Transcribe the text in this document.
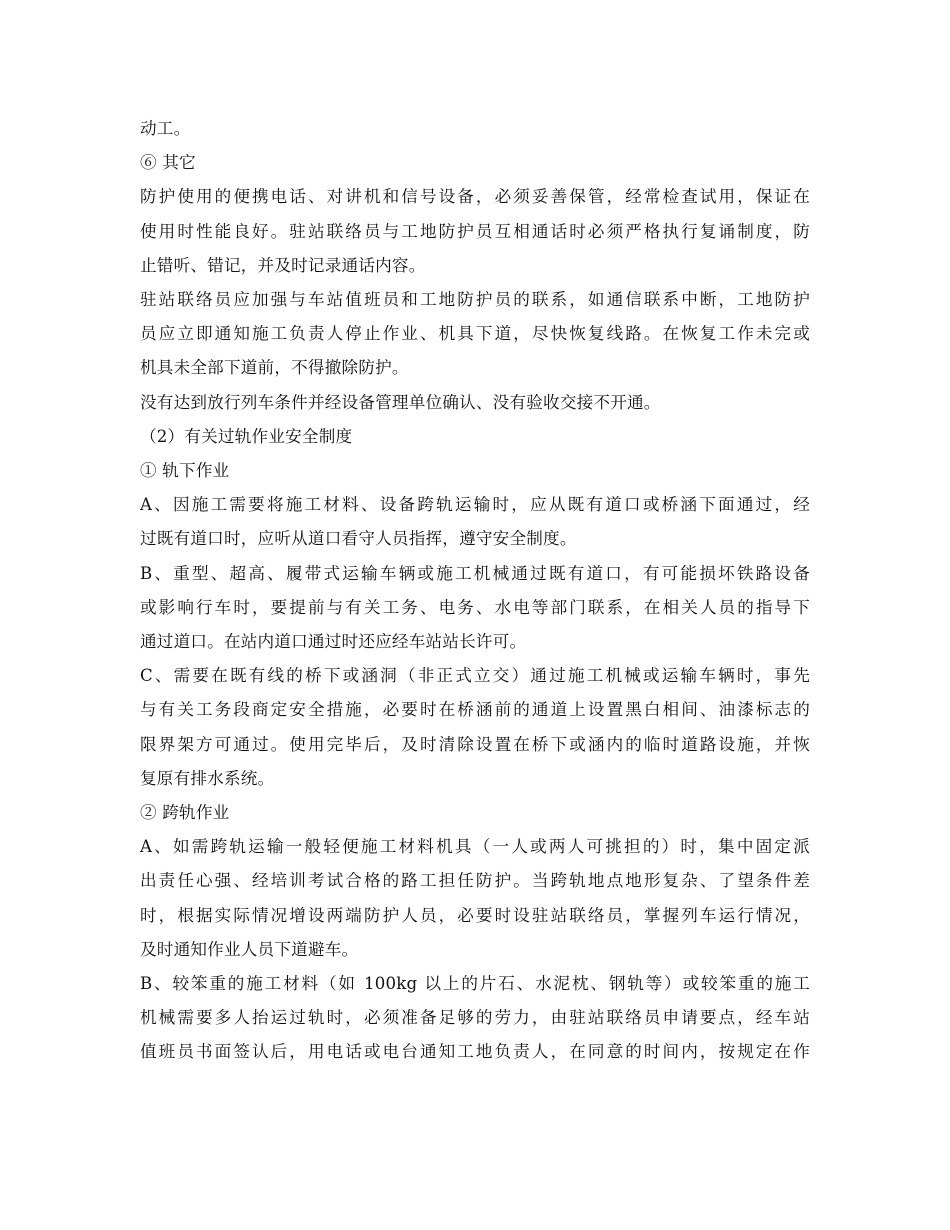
动工。
⑥ 其它
防护使用的便携电话、对讲机和信号设备，必须妥善保管，经常检查试用，保证在
使用时性能良好。驻站联络员与工地防护员互相通话时必须严格执行复诵制度，防
止错听、错记，并及时记录通话内容。
驻站联络员应加强与车站值班员和工地防护员的联系，如通信联系中断，工地防护
员应立即通知施工负责人停止作业、机具下道，尽快恢复线路。在恢复工作未完或
机具未全部下道前，不得撤除防护。
没有达到放行列车条件并经设备管理单位确认、没有验收交接不开通。
（2）有关过轨作业安全制度
① 轨下作业
A、因施工需要将施工材料、设备跨轨运输时，应从既有道口或桥涵下面通过，经
过既有道口时，应听从道口看守人员指挥，遵守安全制度。
B、重型、超高、履带式运输车辆或施工机械通过既有道口，有可能损坏铁路设备
或影响行车时，要提前与有关工务、电务、水电等部门联系，在相关人员的指导下
通过道口。在站内道口通过时还应经车站站长许可。
C、需要在既有线的桥下或涵洞（非正式立交）通过施工机械或运输车辆时，事先
与有关工务段商定安全措施，必要时在桥涵前的通道上设置黑白相间、油漆标志的
限界架方可通过。使用完毕后，及时清除设置在桥下或涵内的临时道路设施，并恢
复原有排水系统。
② 跨轨作业
A、如需跨轨运输一般轻便施工材料机具（一人或两人可挑担的）时，集中固定派
出责任心强、经培训考试合格的路工担任防护。当跨轨地点地形复杂、了望条件差
时，根据实际情况增设两端防护人员，必要时设驻站联络员，掌握列车运行情况，
及时通知作业人员下道避车。
B、较笨重的施工材料（如 100kg 以上的片石、水泥枕、钢轨等）或较笨重的施工
机械需要多人抬运过轨时，必须准备足够的劳力，由驻站联络员申请要点，经车站
值班员书面签认后，用电话或电台通知工地负责人，在同意的时间内，按规定在作
